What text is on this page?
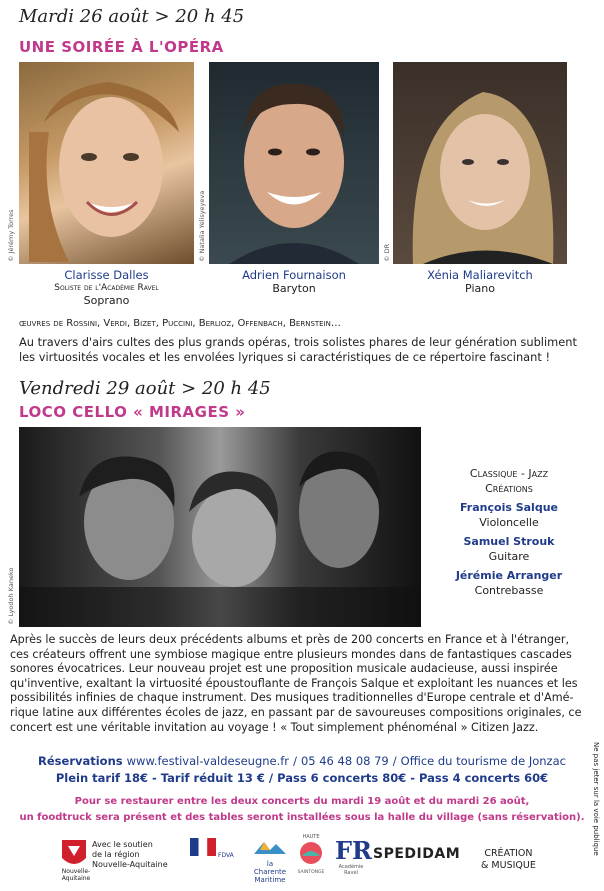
Mardi 26 août > 20 h 45
UNE SOIRÉE À L'OPÉRA
© Jérémy Torres	© Natalia Yelisyeyeva	© DR
Clarisse Dalles
Soliste de l'Académie Ravel
Soprano
Adrien Fournaison
Baryton
Xénia Maliarevitch
Piano
œuvres de Rossini, Verdi, Bizet, Puccini, Berlioz, Offenbach, Bernstein…
Au travers d'airs cultes des plus grands opéras, trois solistes phares de leur génération subliment les virtuosités vocales et les envolées lyriques si caractéristiques de ce répertoire fascinant !
Vendredi 29 août > 20 h 45
LOCO CELLO « MIRAGES »
© Lyodoh Kaneko
Classique - Jazz
Créations
François Salque
Violoncelle
Samuel Strouk
Guitare
Jérémie Arranger
Contrebasse
Après le succès de leurs deux précédents albums et près de 200 concerts en France et à l'étranger,
ces créateurs offrent une symbiose magique entre plusieurs mondes dans de fantastiques cascades
sonores évocatrices. Leur nouveau projet est une proposition musicale audacieuse, aussi inspirée
qu'inventive, exaltant la virtuosité époustouflante de François Salque et exploitant les nuances et les
possibilités infinies de chaque instrument. Des musiques traditionnelles d'Europe centrale et d'Amé-
rique latine aux différentes écoles de jazz, en passant par de savoureuses compositions originales, ce
concert est une véritable invitation au voyage ! « Tout simplement phénoménal » Citizen Jazz.
Réservations www.festival-valdeseugne.fr / 05 46 48 08 79 / Office du tourisme de Jonzac
Plein tarif 18€ - Tarif réduit 13 € / Pass 6 concerts 80€ - Pass 4 concerts 60€
Pour se restaurer entre les deux concerts du mardi 19 août et du mardi 26 août,
un foodtruck sera présent et des tables seront installées sous la halle du village (sans réservation).	Ne pas jeter sur la voie publique
Nouvelle-Aquitaine
Avec le soutien
de la région
Nouvelle-Aquitaine
FDVA
la Charente
Maritime
HAUTE
SAINTONGE
FR
Académie Ravel
SPEDIDAM	CRÉATION
& MUSIQUE
